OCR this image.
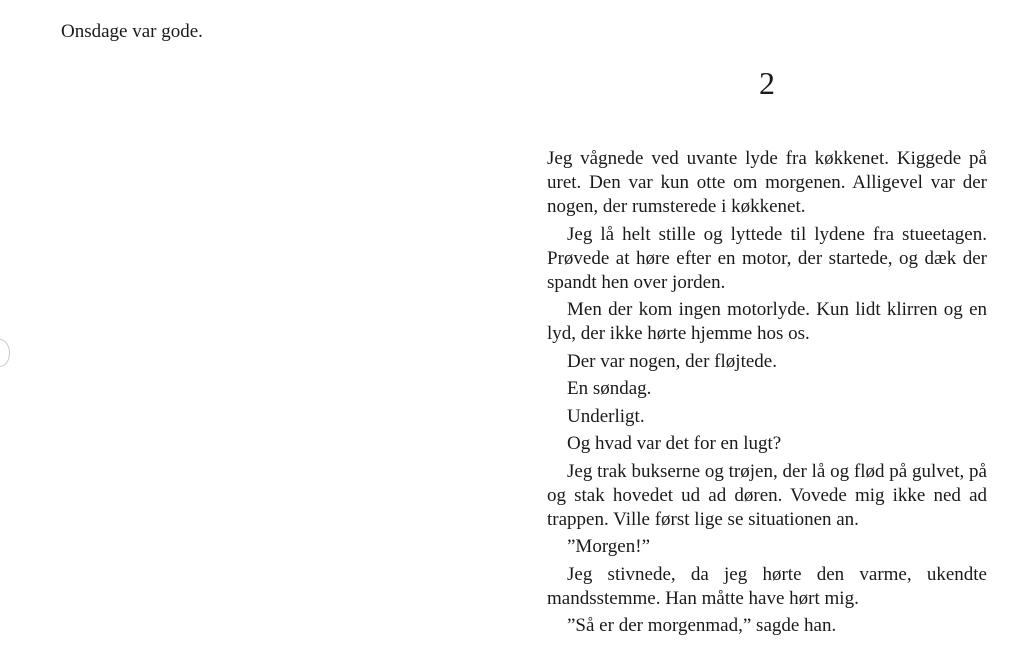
Onsdage var gode.

2

Jeg vågnede ved uvante lyde fra køkkenet. Kiggede på uret. Den var kun otte om morgenen. Alligevel var der nogen, der rumsterede i køkkenet.

Jeg lå helt stille og lyttede til lydene fra stueetagen. Prøvede at høre efter en motor, der startede, og dæk der spandt hen over jorden.

Men der kom ingen motorlyde. Kun lidt klirren og en lyd, der ikke hørte hjemme hos os.

Der var nogen, der fløjtede.

En søndag.

Underligt.

Og hvad var det for en lugt?

Jeg trak bukserne og trøjen, der lå og flød på gulvet, på og stak hovedet ud ad døren. Vovede mig ikke ned ad trappen. Ville først lige se situationen an.

”Morgen!”

Jeg stivnede, da jeg hørte den varme, ukendte mandsstemme. Han måtte have hørt mig.

”Så er der morgenmad,” sagde han.
